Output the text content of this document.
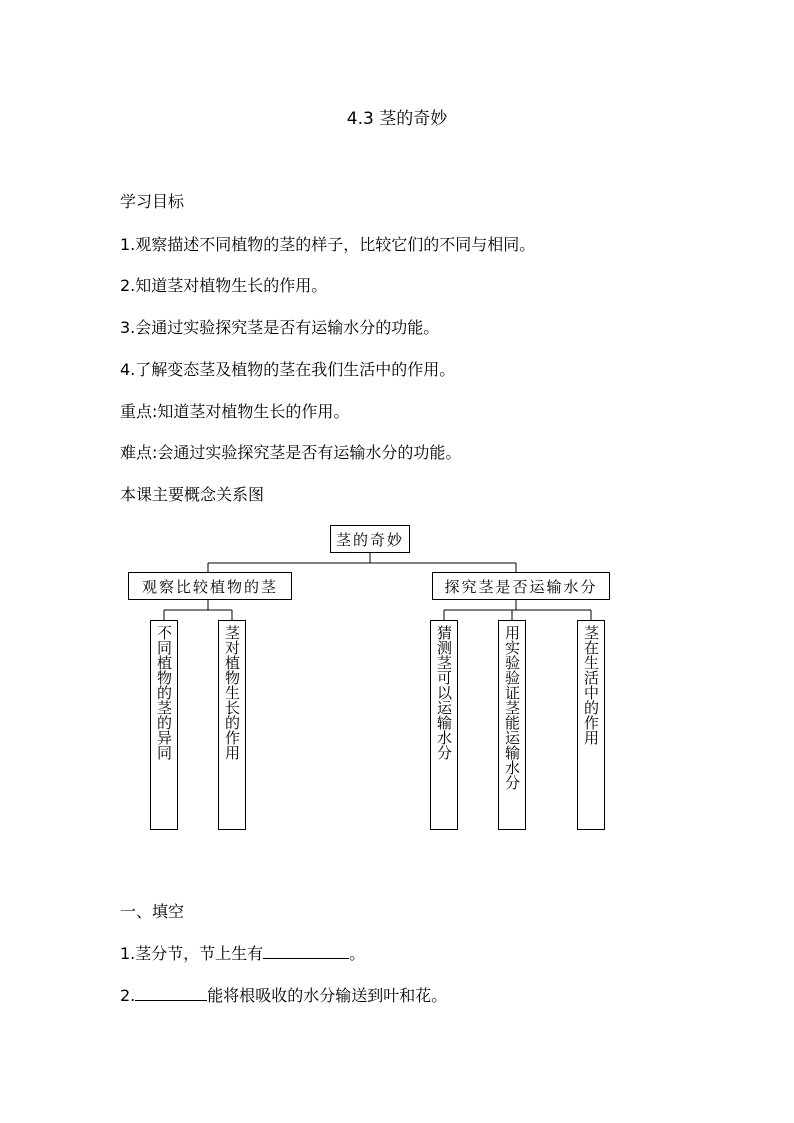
4.3 茎的奇妙
学习目标
1.观察描述不同植物的茎的样子，比较它们的不同与相同。
2.知道茎对植物生长的作用。
3.会通过实验探究茎是否有运输水分的功能。
4.了解变态茎及植物的茎在我们生活中的作用。
重点:知道茎对植物生长的作用。
难点:会通过实验探究茎是否有运输水分的功能。
本课主要概念关系图
茎的奇妙
观察比较植物的茎	探究茎是否运输水分
不同植物的茎的异同	茎对植物生长的作用	猜测茎可以运输水分	用实验验证茎能运输水分	茎在生活中的作用
一、填空
1.茎分节，节上生有	。
2.	能将根吸收的水分输送到叶和花。
